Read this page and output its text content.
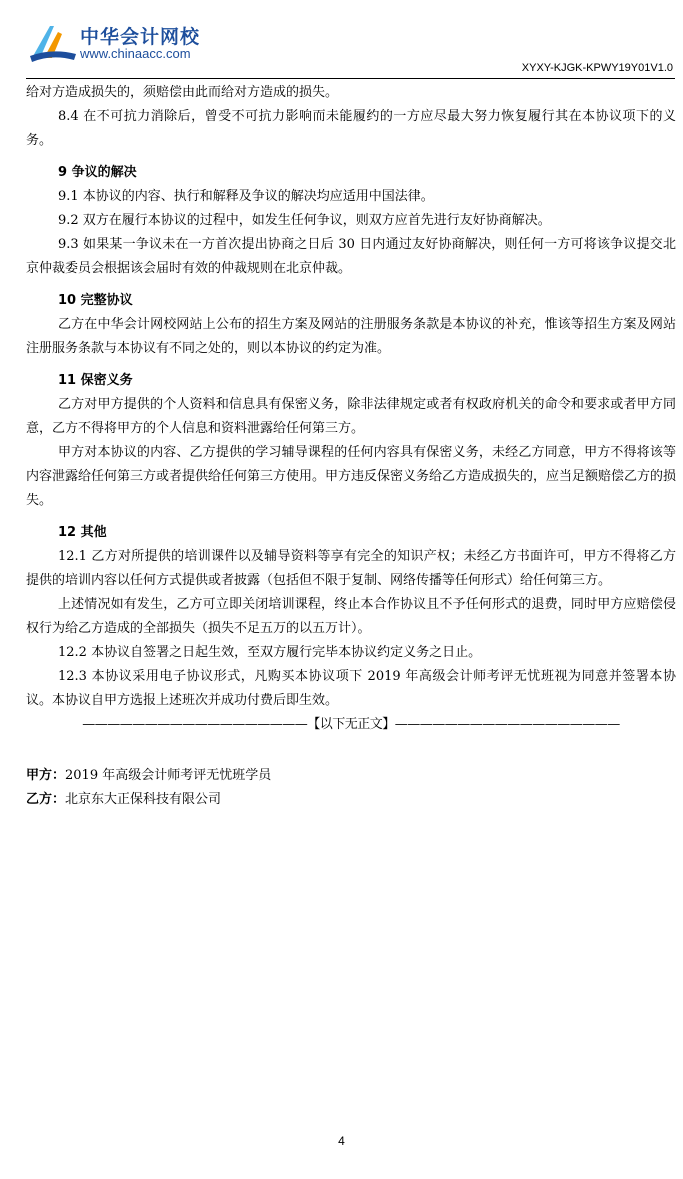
中华会计网校
www.chinaacc.com
XYXY-KJGK-KPWY19Y01V1.0

给对方造成损失的，须赔偿由此而给对方造成的损失。

8.4 在不可抗力消除后，曾受不可抗力影响而未能履约的一方应尽最大努力恢复履行其在本协议项下的义务。

9 争议的解决

9.1 本协议的内容、执行和解释及争议的解决均应适用中国法律。

9.2 双方在履行本协议的过程中，如发生任何争议，则双方应首先进行友好协商解决。

9.3 如果某一争议未在一方首次提出协商之日后 30 日内通过友好协商解决，则任何一方可将该争议提交北京仲裁委员会根据该会届时有效的仲裁规则在北京仲裁。

10 完整协议

乙方在中华会计网校网站上公布的招生方案及网站的注册服务条款是本协议的补充，惟该等招生方案及网站注册服务条款与本协议有不同之处的，则以本协议的约定为准。

11 保密义务

乙方对甲方提供的个人资料和信息具有保密义务，除非法律规定或者有权政府机关的命令和要求或者甲方同意，乙方不得将甲方的个人信息和资料泄露给任何第三方。

甲方对本协议的内容、乙方提供的学习辅导课程的任何内容具有保密义务，未经乙方同意，甲方不得将该等内容泄露给任何第三方或者提供给任何第三方使用。甲方违反保密义务给乙方造成损失的，应当足额赔偿乙方的损失。

12 其他

12.1 乙方对所提供的培训课件以及辅导资料等享有完全的知识产权；未经乙方书面许可，甲方不得将乙方提供的培训内容以任何方式提供或者披露（包括但不限于复制、网络传播等任何形式）给任何第三方。

上述情况如有发生，乙方可立即关闭培训课程，终止本合作协议且不予任何形式的退费，同时甲方应赔偿侵权行为给乙方造成的全部损失（损失不足五万的以五万计）。

12.2 本协议自签署之日起生效，至双方履行完毕本协议约定义务之日止。

12.3 本协议采用电子协议形式，凡购买本协议项下 2019 年高级会计师考评无忧班视为同意并签署本协议。本协议自甲方选报上述班次并成功付费后即生效。

——————————————————【以下无正文】——————————————————

甲方：2019 年高级会计师考评无忧班学员
乙方：北京东大正保科技有限公司
4
